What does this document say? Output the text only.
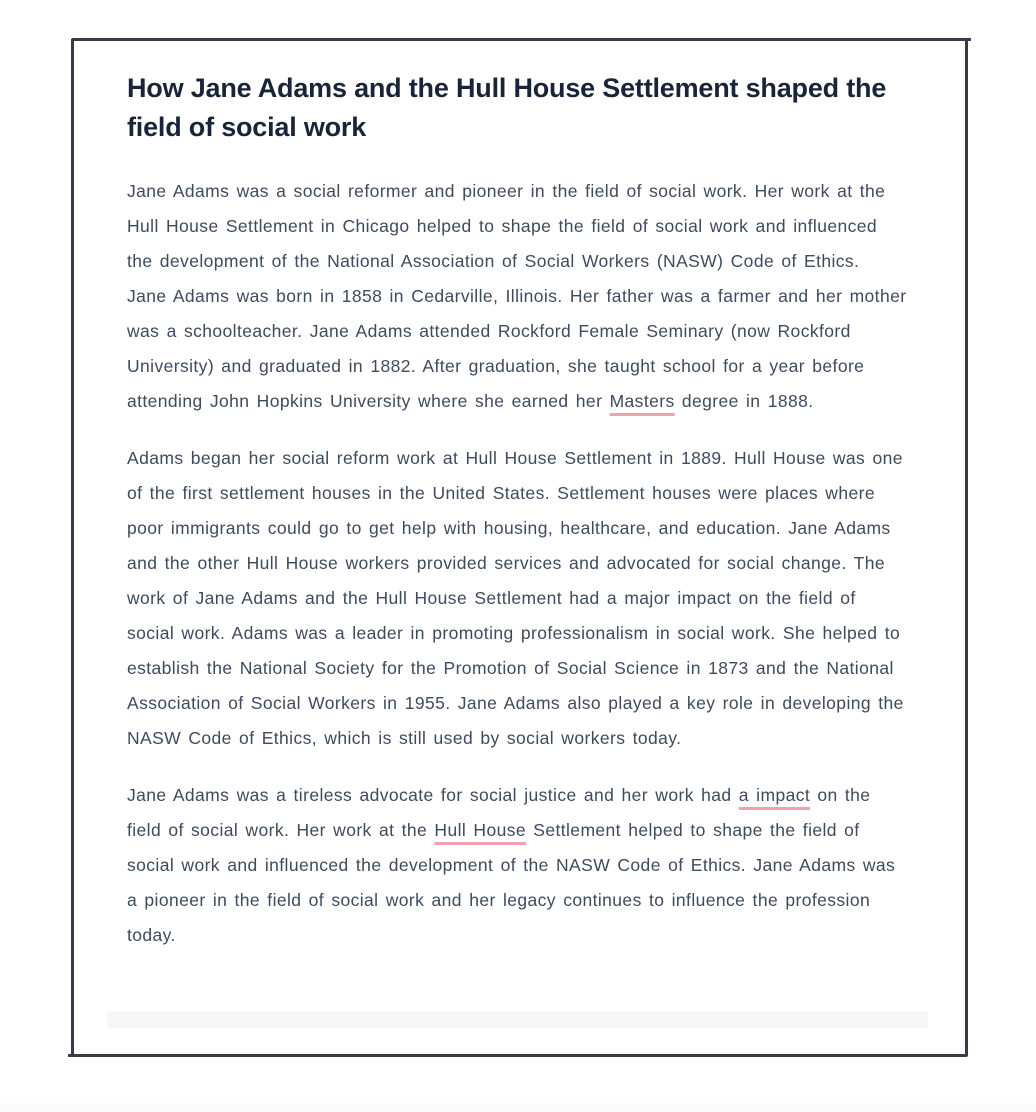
How Jane Adams and the Hull House Settlement shaped the field of social work

Jane Adams was a social reformer and pioneer in the field of social work. Her work at the Hull House Settlement in Chicago helped to shape the field of social work and influenced the development of the National Association of Social Workers (NASW) Code of Ethics.  Jane Adams was born in 1858 in Cedarville, Illinois. Her father was a farmer and her mother was a schoolteacher. Jane Adams attended Rockford Female Seminary (now Rockford University) and graduated in 1882. After graduation, she taught school for a year before attending John Hopkins University where she earned her Masters degree in 1888.

Adams began her social reform work at Hull House Settlement in 1889. Hull House was one of the first settlement houses in the United States. Settlement houses were places where poor immigrants could go to get help with housing, healthcare, and education. Jane Adams and the other Hull House workers provided services and advocated for social change. The work of Jane Adams and the Hull House Settlement had a major impact on the field of social work. Adams was a leader in promoting professionalism in social work. She helped to establish the National Society for the Promotion of Social Science in 1873 and the National Association of Social Workers in 1955. Jane Adams also played a key role in developing the NASW Code of Ethics, which is still used by social workers today.

Jane Adams was a tireless advocate for social justice and her work had a impact on the field of social work. Her work at the Hull House Settlement helped to shape the field of social work and influenced the development of the NASW Code of Ethics. Jane Adams was a pioneer in the field of social work and her legacy continues to influence the profession today.
